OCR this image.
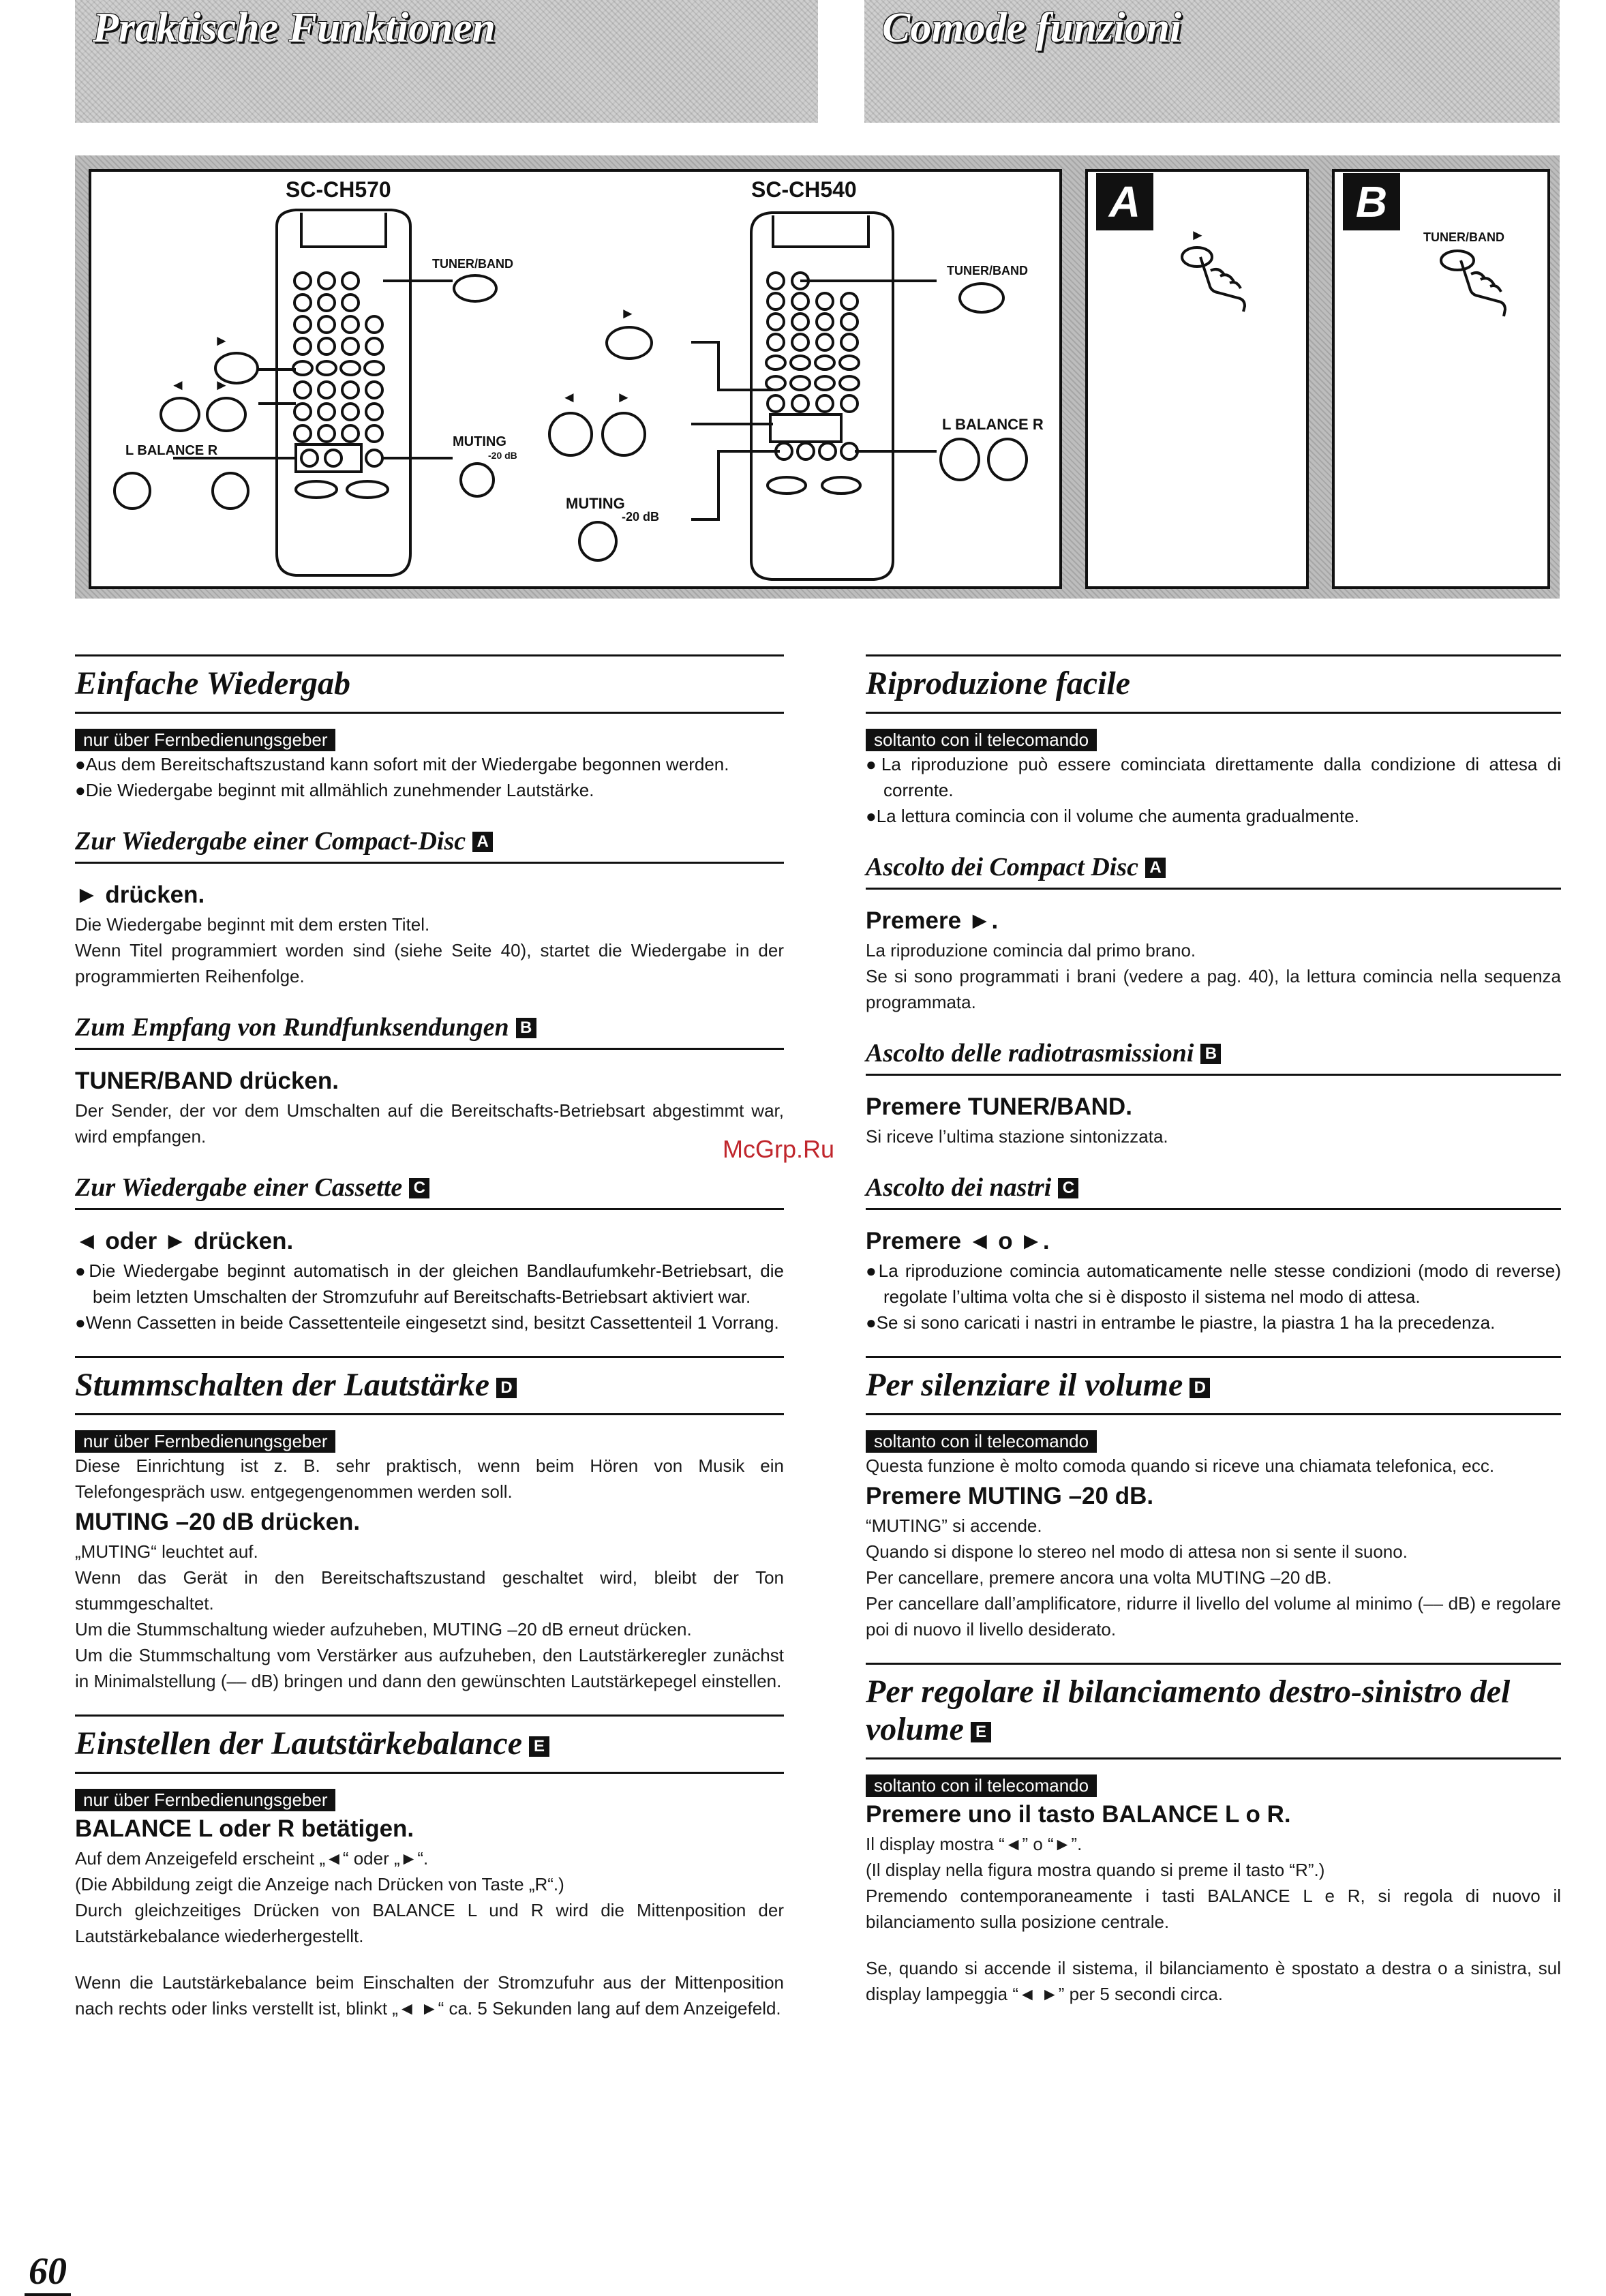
Praktische Funktionen	Comode funzioni
SC-CH570	SC-CH540
TUNER/BAND
►
◄ ►
L BALANCE R
MUTING
-20 dB
TUNER/BAND
►
◄	►
L BALANCE R
MUTING
-20 dB
A
►
B
TUNER/BAND
Einfache Wiedergab
nur über Fernbedienungsgeber

●Aus dem Bereitschaftszustand kann sofort mit der Wiedergabe begonnen werden.

●Die Wiedergabe beginnt mit allmählich zunehmender Lautstärke.

Zur Wiedergabe einer Compact-Disc A
► drücken.

Die Wiedergabe beginnt mit dem ersten Titel.

Wenn Titel programmiert worden sind (siehe Seite 40), startet die Wiedergabe in der programmierten Reihenfolge.

Zum Empfang von Rundfunksendungen B
TUNER/BAND drücken.

Der Sender, der vor dem Umschalten auf die Bereitschafts-Betriebsart abgestimmt war, wird empfangen.

Zur Wiedergabe einer Cassette C
◄ oder ► drücken.

●Die Wiedergabe beginnt automatisch in der gleichen Bandlaufumkehr-Betriebsart, die beim letzten Umschalten der Stromzufuhr auf Bereitschafts-Betriebsart aktiviert war.

●Wenn Cassetten in beide Cassettenteile eingesetzt sind, besitzt Cassettenteil 1 Vorrang.

Stummschalten der Lautstärke D
nur über Fernbedienungsgeber

Diese Einrichtung ist z. B. sehr praktisch, wenn beim Hören von Musik ein Telefongespräch usw. entgegengenommen werden soll.

MUTING –20 dB drücken.

„MUTING“ leuchtet auf.

Wenn das Gerät in den Bereitschaftszustand geschaltet wird, bleibt der Ton stummgeschaltet.

Um die Stummschaltung wieder aufzuheben, MUTING –20 dB erneut drücken.

Um die Stummschaltung vom Verstärker aus aufzuheben, den Lautstärkeregler zunächst in Minimalstellung (–– dB) bringen und dann den gewünschten Lautstärkepegel einstellen.

Einstellen der Lautstärkebalance E
nur über Fernbedienungsgeber
BALANCE L oder R betätigen.

Auf dem Anzeigefeld erscheint „◄“ oder „►“.

(Die Abbildung zeigt die Anzeige nach Drücken von Taste „R“.)

Durch gleichzeitiges Drücken von BALANCE L und R wird die Mittenposition der Lautstärkebalance wiederhergestellt.

Wenn die Lautstärkebalance beim Einschalten der Stromzufuhr aus der Mittenposition nach rechts oder links verstellt ist, blinkt „◄ ►“ ca. 5 Sekunden lang auf dem Anzeigefeld.

Riproduzione facile
soltanto con il telecomando

●La riproduzione può essere cominciata direttamente dalla condizione di attesa di corrente.

●La lettura comincia con il volume che aumenta gradualmente.

Ascolto dei Compact Disc A
Premere ►.

La riproduzione comincia dal primo brano.

Se si sono programmati i brani (vedere a pag. 40), la lettura comincia nella sequenza programmata.

Ascolto delle radiotrasmissioni B
Premere TUNER/BAND.

Si riceve l’ultima stazione sintonizzata.

Ascolto dei nastri C
Premere ◄ o ►.

●La riproduzione comincia automaticamente nelle stesse condizioni (modo di reverse) regolate l’ultima volta che si è disposto il sistema nel modo di attesa.

●Se si sono caricati i nastri in entrambe le piastre, la piastra 1 ha la precedenza.

Per silenziare il volume D
soltanto con il telecomando

Questa funzione è molto comoda quando si riceve una chiamata telefonica, ecc.

Premere MUTING –20 dB.

“MUTING” si accende.

Quando si dispone lo stereo nel modo di attesa non si sente il suono.

Per cancellare, premere ancora una volta MUTING –20 dB.

Per cancellare dall’amplificatore, ridurre il livello del volume al minimo (–– dB) e regolare poi di nuovo il livello desiderato.

Per regolare il bilanciamento destro-sinistro del volume E
soltanto con il telecomando
Premere uno il tasto BALANCE L o R.

Il display mostra “◄” o “►”.

(Il display nella figura mostra quando si preme il tasto “R”.)

Premendo contemporaneamente i tasti BALANCE L e R, si regola di nuovo il bilanciamento sulla posizione centrale.

Se, quando si accende il sistema, il bilanciamento è spostato a destra o a sinistra, sul display lampeggia “◄ ►” per 5 secondi circa.

McGrp.Ru
60
